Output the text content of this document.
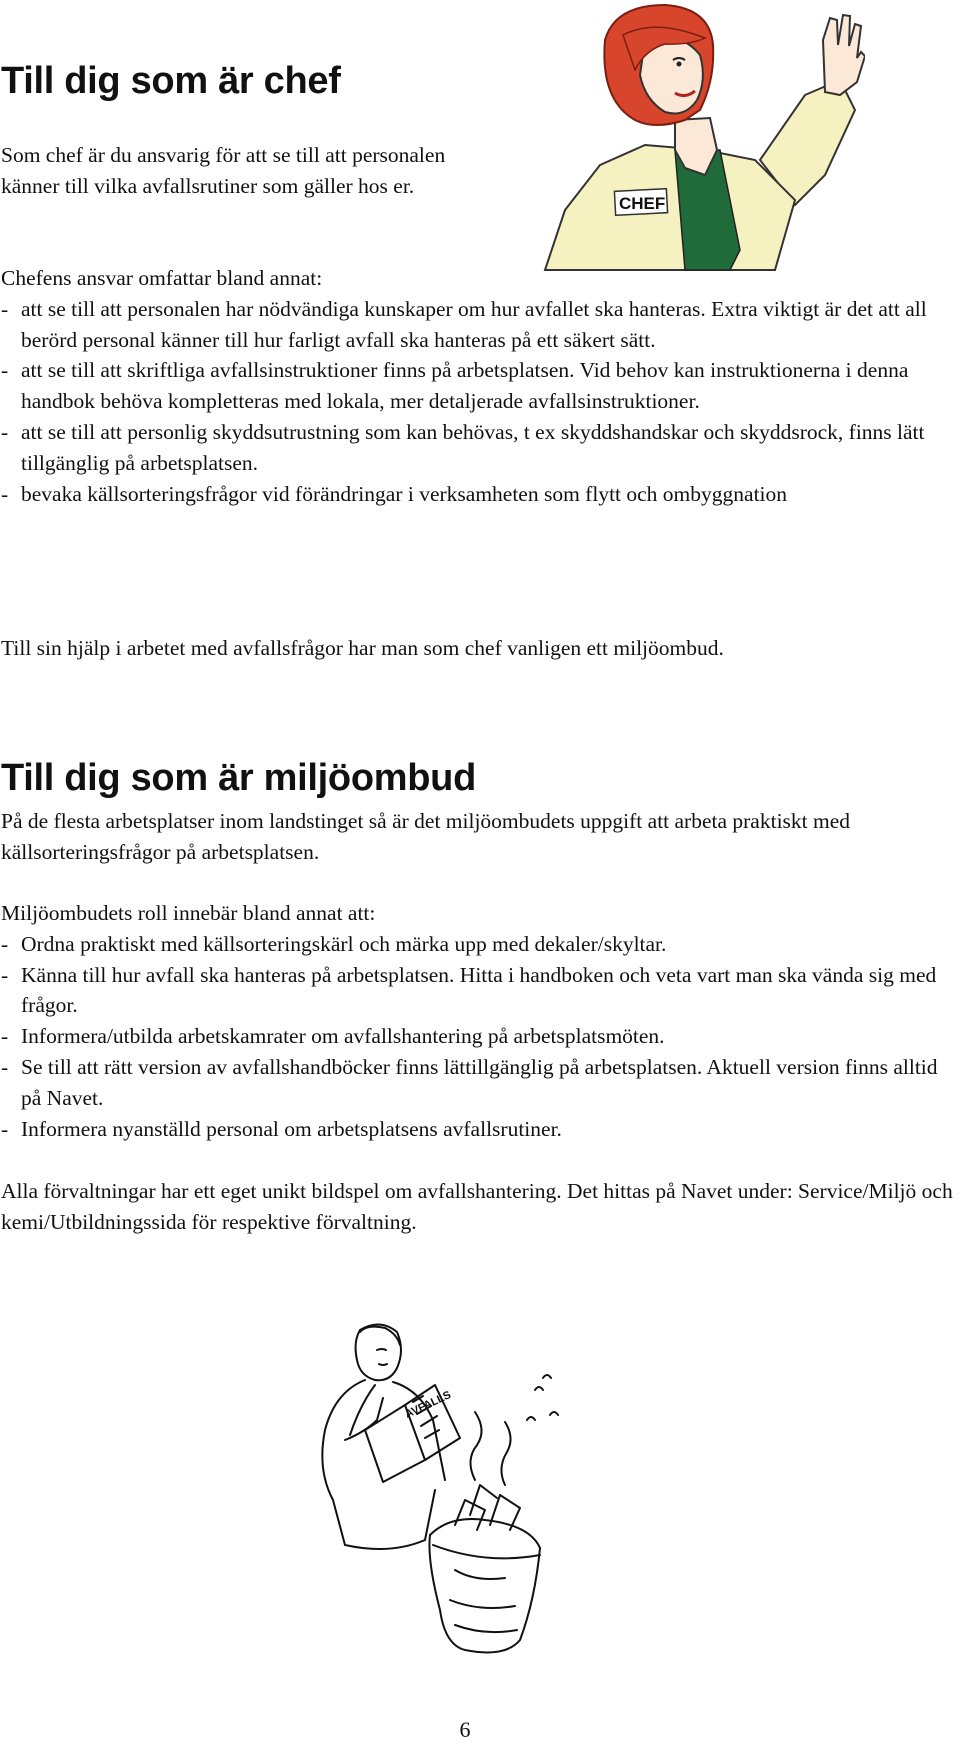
CHEF
Till dig som är chef

Som chef är du ansvarig för att se till att personalen känner till vilka avfallsrutiner som gäller hos er.

Chefens ansvar omfattar bland annat:
- att se till att personalen har nödvändiga kunskaper om hur avfallet ska hanteras. Extra viktigt är det att all berörd personal känner till hur farligt avfall ska hanteras på ett säkert sätt.
- att se till att skriftliga avfallsinstruktioner finns på arbetsplatsen. Vid behov kan instruktionerna i denna handbok behöva kompletteras med lokala, mer detaljerade avfallsinstruktioner.
- att se till att personlig skyddsutrustning som kan behövas, t ex skyddshandskar och skyddsrock, finns lätt tillgänglig på arbetsplatsen.
- bevaka källsorteringsfrågor vid förändringar i verksamheten som flytt och ombyggnation

Till sin hjälp i arbetet med avfallsfrågor har man som chef vanligen ett miljöombud.

Till dig som är miljöombud

På de flesta arbetsplatser inom landstinget så är det miljöombudets uppgift att arbeta praktiskt med källsorteringsfrågor på arbetsplatsen.

Miljöombudets roll innebär bland annat att:
- Ordna praktiskt med källsorteringskärl och märka upp med dekaler/skyltar.
- Känna till hur avfall ska hanteras på arbetsplatsen. Hitta i handboken och veta vart man ska vända sig med frågor.
- Informera/utbilda arbetskamrater om avfallshantering på arbetsplatsmöten.
- Se till att rätt version av avfallshandböcker finns lättillgänglig på arbetsplatsen. Aktuell version finns alltid på Navet.
- Informera nyanställd personal om arbetsplatsens avfallsrutiner.

Alla förvaltningar har ett eget unikt bildspel om avfallshantering. Det hittas på Navet under: Service/Miljö och kemi/Utbildningssida för respektive förvaltning.

AVFALLS
6
